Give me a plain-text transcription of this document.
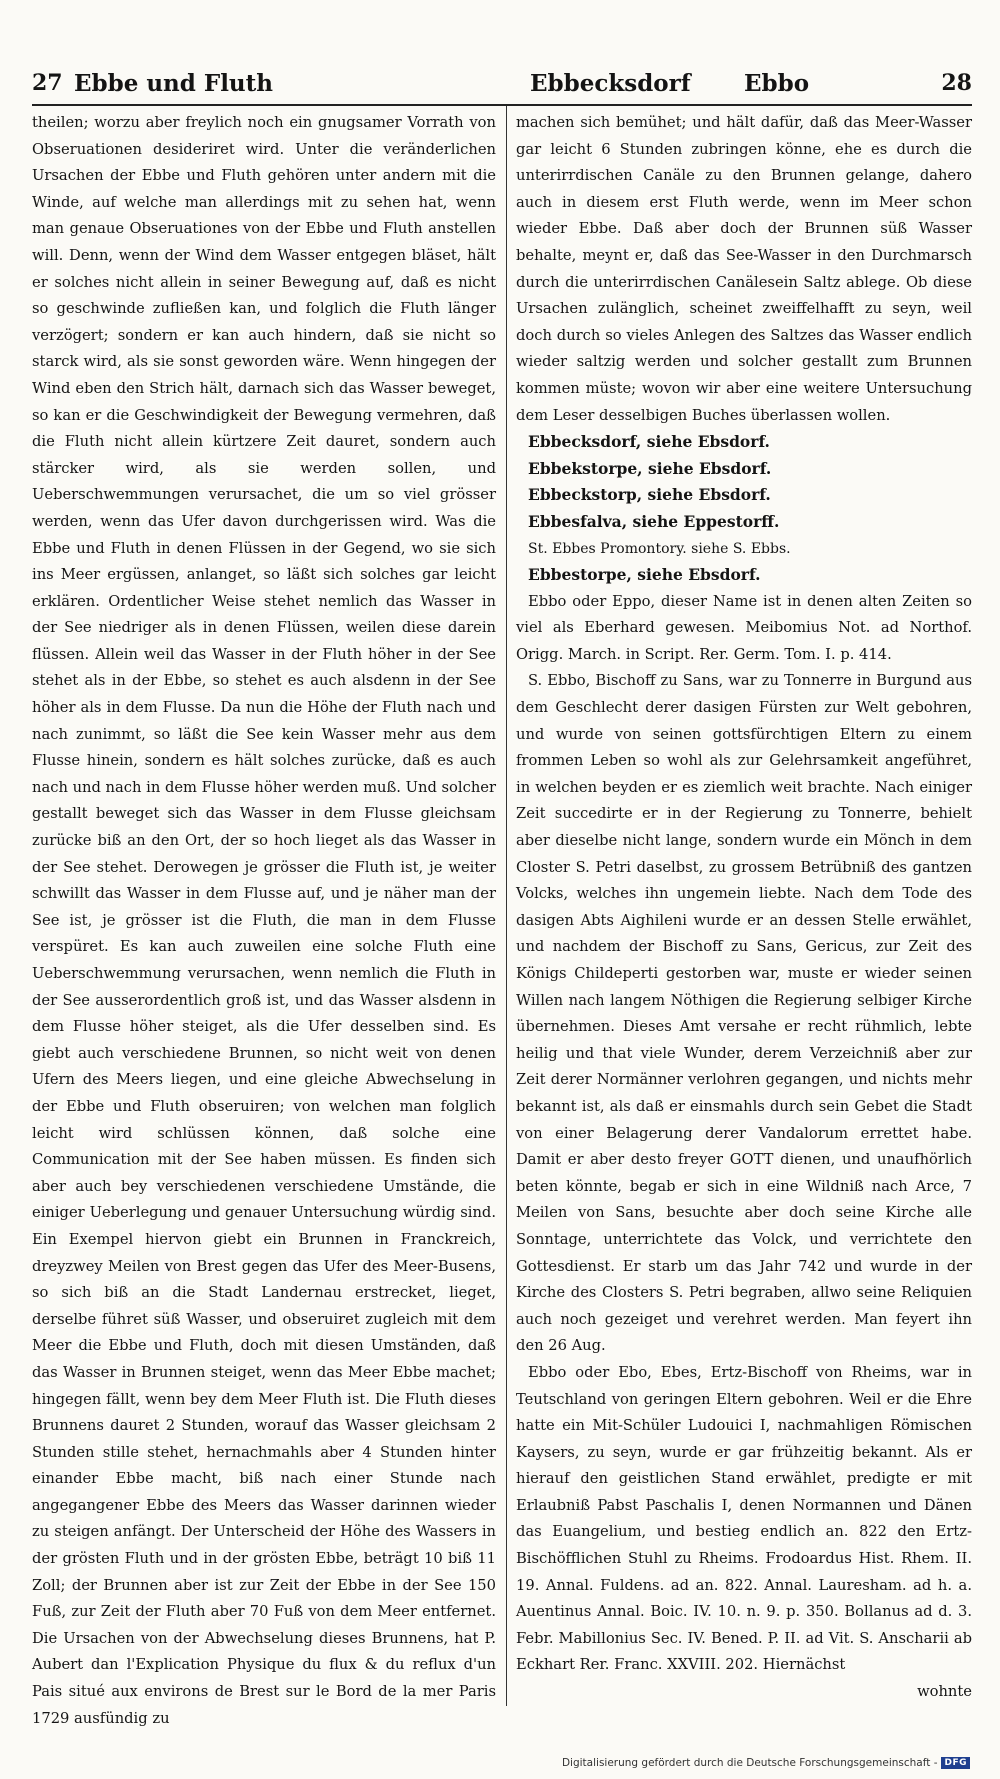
27 Ebbe und Fluth	Ebbecksdorf Ebbo	28

theilen; worzu aber freylich noch ein gnugsamer Vorrath von Obseruationen desideriret wird. Unter die veränderlichen Ursachen der Ebbe und Fluth gehören unter andern mit die Winde, auf welche man allerdings mit zu sehen hat, wenn man genaue Obseruationes von der Ebbe und Fluth anstellen will. Denn, wenn der Wind dem Wasser entgegen bläset, hält er solches nicht allein in seiner Bewegung auf, daß es nicht so geschwinde zufließen kan, und folglich die Fluth länger verzögert; sondern er kan auch hindern, daß sie nicht so starck wird, als sie sonst geworden wäre. Wenn hingegen der Wind eben den Strich hält, darnach sich das Wasser beweget, so kan er die Geschwindigkeit der Bewegung vermehren, daß die Fluth nicht allein kürtzere Zeit dauret, sondern auch stärcker wird, als sie werden sollen, und Ueberschwemmungen verursachet, die um so viel grösser werden, wenn das Ufer davon durchgerissen wird. Was die Ebbe und Fluth in denen Flüssen in der Gegend, wo sie sich ins Meer ergüssen, anlanget, so läßt sich solches gar leicht erklären. Ordentlicher Weise stehet nemlich das Wasser in der See niedriger als in denen Flüssen, weilen diese darein flüssen. Allein weil das Wasser in der Fluth höher in der See stehet als in der Ebbe, so stehet es auch alsdenn in der See höher als in dem Flusse. Da nun die Höhe der Fluth nach und nach zunimmt, so läßt die See kein Wasser mehr aus dem Flusse hinein, sondern es hält solches zurücke, daß es auch nach und nach in dem Flusse höher werden muß. Und solcher gestallt beweget sich das Wasser in dem Flusse gleichsam zurücke biß an den Ort, der so hoch lieget als das Wasser in der See stehet. Derowegen je grösser die Fluth ist, je weiter schwillt das Wasser in dem Flusse auf, und je näher man der See ist, je grösser ist die Fluth, die man in dem Flusse verspüret. Es kan auch zuweilen eine solche Fluth eine Ueberschwemmung verursachen, wenn nemlich die Fluth in der See ausserordentlich groß ist, und das Wasser alsdenn in dem Flusse höher steiget, als die Ufer desselben sind. Es giebt auch verschiedene Brunnen, so nicht weit von denen Ufern des Meers liegen, und eine gleiche Abwechselung in der Ebbe und Fluth obseruiren; von welchen man folglich leicht wird schlüssen können, daß solche eine Communication mit der See haben müssen. Es finden sich aber auch bey verschiedenen verschiedene Umstände, die einiger Ueberlegung und genauer Untersuchung würdig sind. Ein Exempel hiervon giebt ein Brunnen in Franckreich, dreyzwey Meilen von Brest gegen das Ufer des Meer-Busens, so sich biß an die Stadt Landernau erstrecket, lieget, derselbe führet süß Wasser, und obseruiret zugleich mit dem Meer die Ebbe und Fluth, doch mit diesen Umständen, daß das Wasser in Brunnen steiget, wenn das Meer Ebbe machet; hingegen fällt, wenn bey dem Meer Fluth ist. Die Fluth dieses Brunnens dauret 2 Stunden, worauf das Wasser gleichsam 2 Stunden stille stehet, hernachmahls aber 4 Stunden hinter einander Ebbe macht, biß nach einer Stunde nach angegangener Ebbe des Meers das Wasser darinnen wieder zu steigen anfängt. Der Unterscheid der Höhe des Wassers in der grösten Fluth und in der grösten Ebbe, beträgt 10 biß 11 Zoll; der Brunnen aber ist zur Zeit der Ebbe in der See 150 Fuß, zur Zeit der Fluth aber 70 Fuß von dem Meer entfernet. Die Ursachen von der Abwechselung dieses Brunnens, hat P. Aubert dan l'Explication Physique du flux & du reflux d'un Pais situé aux environs de Brest sur le Bord de la mer Paris 1729 ausfündig zu

machen sich bemühet; und hält dafür, daß das Meer-Wasser gar leicht 6 Stunden zubringen könne, ehe es durch die unterirrdischen Canäle zu den Brunnen gelange, dahero auch in diesem erst Fluth werde, wenn im Meer schon wieder Ebbe. Daß aber doch der Brunnen süß Wasser behalte, meynt er, daß das See-Wasser in den Durchmarsch durch die unterirrdischen Canälesein Saltz ablege. Ob diese Ursachen zulänglich, scheinet zweiffelhafft zu seyn, weil doch durch so vieles Anlegen des Saltzes das Wasser endlich wieder saltzig werden und solcher gestallt zum Brunnen kommen müste; wovon wir aber eine weitere Untersuchung dem Leser desselbigen Buches überlassen wollen.

Ebbecksdorf, siehe Ebsdorf.

Ebbekstorpe, siehe Ebsdorf.

Ebbeckstorp, siehe Ebsdorf.

Ebbesfalva, siehe Eppestorff.

St. Ebbes Promontory. siehe S. Ebbs.

Ebbestorpe, siehe Ebsdorf.

Ebbo oder Eppo, dieser Name ist in denen alten Zeiten so viel als Eberhard gewesen. Meibomius Not. ad Northof. Origg. March. in Script. Rer. Germ. Tom. I. p. 414.

S. Ebbo, Bischoff zu Sans, war zu Tonnerre in Burgund aus dem Geschlecht derer dasigen Fürsten zur Welt gebohren, und wurde von seinen gottsfürchtigen Eltern zu einem frommen Leben so wohl als zur Gelehrsamkeit angeführet, in welchen beyden er es ziemlich weit brachte. Nach einiger Zeit succedirte er in der Regierung zu Tonnerre, behielt aber dieselbe nicht lange, sondern wurde ein Mönch in dem Closter S. Petri daselbst, zu grossem Betrübniß des gantzen Volcks, welches ihn ungemein liebte. Nach dem Tode des dasigen Abts Aighileni wurde er an dessen Stelle erwählet, und nachdem der Bischoff zu Sans, Gericus, zur Zeit des Königs Childeperti gestorben war, muste er wieder seinen Willen nach langem Nöthigen die Regierung selbiger Kirche übernehmen. Dieses Amt versahe er recht rühmlich, lebte heilig und that viele Wunder, derem Verzeichniß aber zur Zeit derer Normänner verlohren gegangen, und nichts mehr bekannt ist, als daß er einsmahls durch sein Gebet die Stadt von einer Belagerung derer Vandalorum errettet habe. Damit er aber desto freyer GOTT dienen, und unaufhörlich beten könnte, begab er sich in eine Wildniß nach Arce, 7 Meilen von Sans, besuchte aber doch seine Kirche alle Sonntage, unterrichtete das Volck, und verrichtete den Gottesdienst. Er starb um das Jahr 742 und wurde in der Kirche des Closters S. Petri begraben, allwo seine Reliquien auch noch gezeiget und verehret werden. Man feyert ihn den 26 Aug.

Ebbo oder Ebo, Ebes, Ertz-Bischoff von Rheims, war in Teutschland von geringen Eltern gebohren. Weil er die Ehre hatte ein Mit-Schüler Ludouici I, nachmahligen Römischen Kaysers, zu seyn, wurde er gar frühzeitig bekannt. Als er hierauf den geistlichen Stand erwählet, predigte er mit Erlaubniß Pabst Paschalis I, denen Normannen und Dänen das Euangelium, und bestieg endlich an. 822 den Ertz-Bischöfflichen Stuhl zu Rheims. Frodoardus Hist. Rhem. II. 19. Annal. Fuldens. ad an. 822. Annal. Lauresham. ad h. a. Auentinus Annal. Boic. IV. 10. n. 9. p. 350. Bollanus ad d. 3. Febr. Mabillonius Sec. IV. Bened. P. II. ad Vit. S. Anscharii ab Eckhart Rer. Franc. XXVIII. 202. Hiernächst

wohnte

Digitalisierung gefördert durch die Deutsche Forschungsgemeinschaft - DFG
